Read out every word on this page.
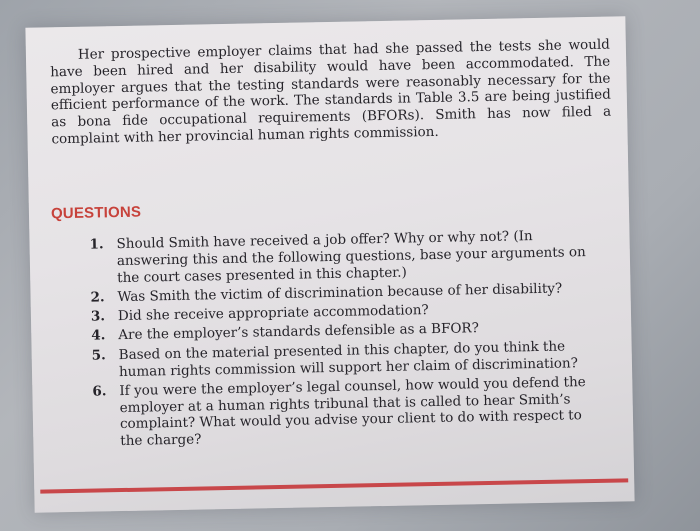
Her prospective employer claims that had she passed the tests she would have been hired and her disability would have been accommodated. The employer argues that the testing standards were reasonably necessary for the efficient performance of the work. The standards in Table 3.5 are being justified as bona fide occupational requirements (BFORs). Smith has now filed a complaint with her provincial human rights commission.

QUESTIONS
1. Should Smith have received a job offer? Why or why not? (In answering this and the following questions, base your arguments on the court cases presented in this chapter.)
2. Was Smith the victim of discrimination because of her disability?
3. Did she receive appropriate accommodation?
4. Are the employer’s standards defensible as a BFOR?
5. Based on the material presented in this chapter, do you think the human rights commission will support her claim of discrimination?
6. If you were the employer’s legal counsel, how would you defend the employer at a human rights tribunal that is called to hear Smith’s complaint? What would you advise your client to do with respect to the charge?
